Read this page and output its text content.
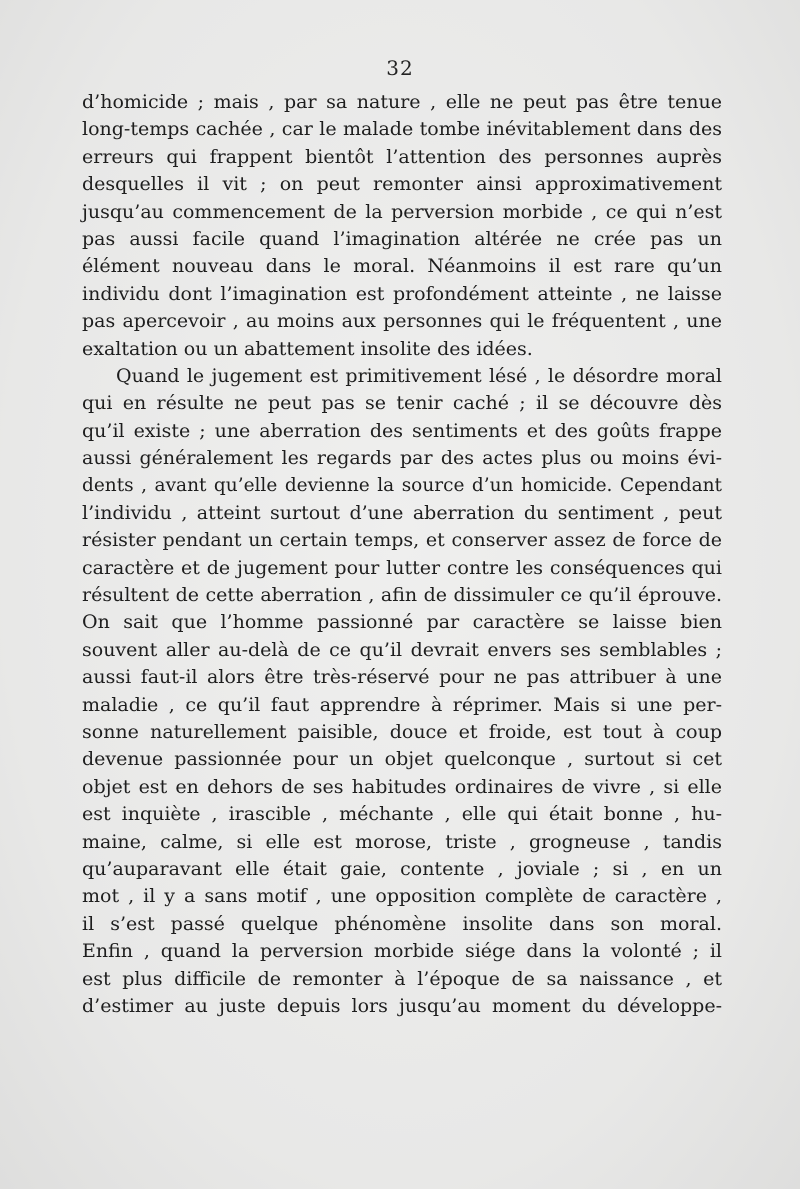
32
d’homicide ; mais , par sa nature , elle ne peut pas être tenue
long-temps cachée , car le malade tombe inévitablement dans des
erreurs qui frappent bientôt l’attention des personnes auprès
desquelles il vit ; on peut remonter ainsi approximativement
jusqu’au commencement de la perversion morbide , ce qui n’est
pas aussi facile quand l’imagination altérée ne crée pas un
élément nouveau dans le moral. Néanmoins il est rare qu’un
individu dont l’imagination est profondément atteinte , ne laisse
pas apercevoir , au moins aux personnes qui le fréquentent , une
exaltation ou un abattement insolite des idées.
Quand le jugement est primitivement lésé , le désordre moral
qui en résulte ne peut pas se tenir caché ; il se découvre dès
qu’il existe ; une aberration des sentiments et des goûts frappe
aussi généralement les regards par des actes plus ou moins évi-
dents , avant qu’elle devienne la source d’un homicide. Cependant
l’individu , atteint surtout d’une aberration du sentiment , peut
résister pendant un certain temps, et conserver assez de force de
caractère et de jugement pour lutter contre les conséquences qui
résultent de cette aberration , afin de dissimuler ce qu’il éprouve.
On sait que l’homme passionné par caractère se laisse bien
souvent aller au-delà de ce qu’il devrait envers ses semblables ;
aussi faut-il alors être très-réservé pour ne pas attribuer à une
maladie , ce qu’il faut apprendre à réprimer. Mais si une per-
sonne naturellement paisible, douce et froide, est tout à coup
devenue passionnée pour un objet quelconque , surtout si cet
objet est en dehors de ses habitudes ordinaires de vivre , si elle
est inquiète , irascible , méchante , elle qui était bonne , hu-
maine, calme, si elle est morose, triste , grogneuse , tandis
qu’auparavant elle était gaie, contente , joviale ; si , en un
mot , il y a sans motif , une opposition complète de caractère ,
il s’est passé quelque phénomène insolite dans son moral.
Enfin , quand la perversion morbide siége dans la volonté ; il
est plus difficile de remonter à l’époque de sa naissance , et
d’estimer au juste depuis lors jusqu’au moment du développe-
